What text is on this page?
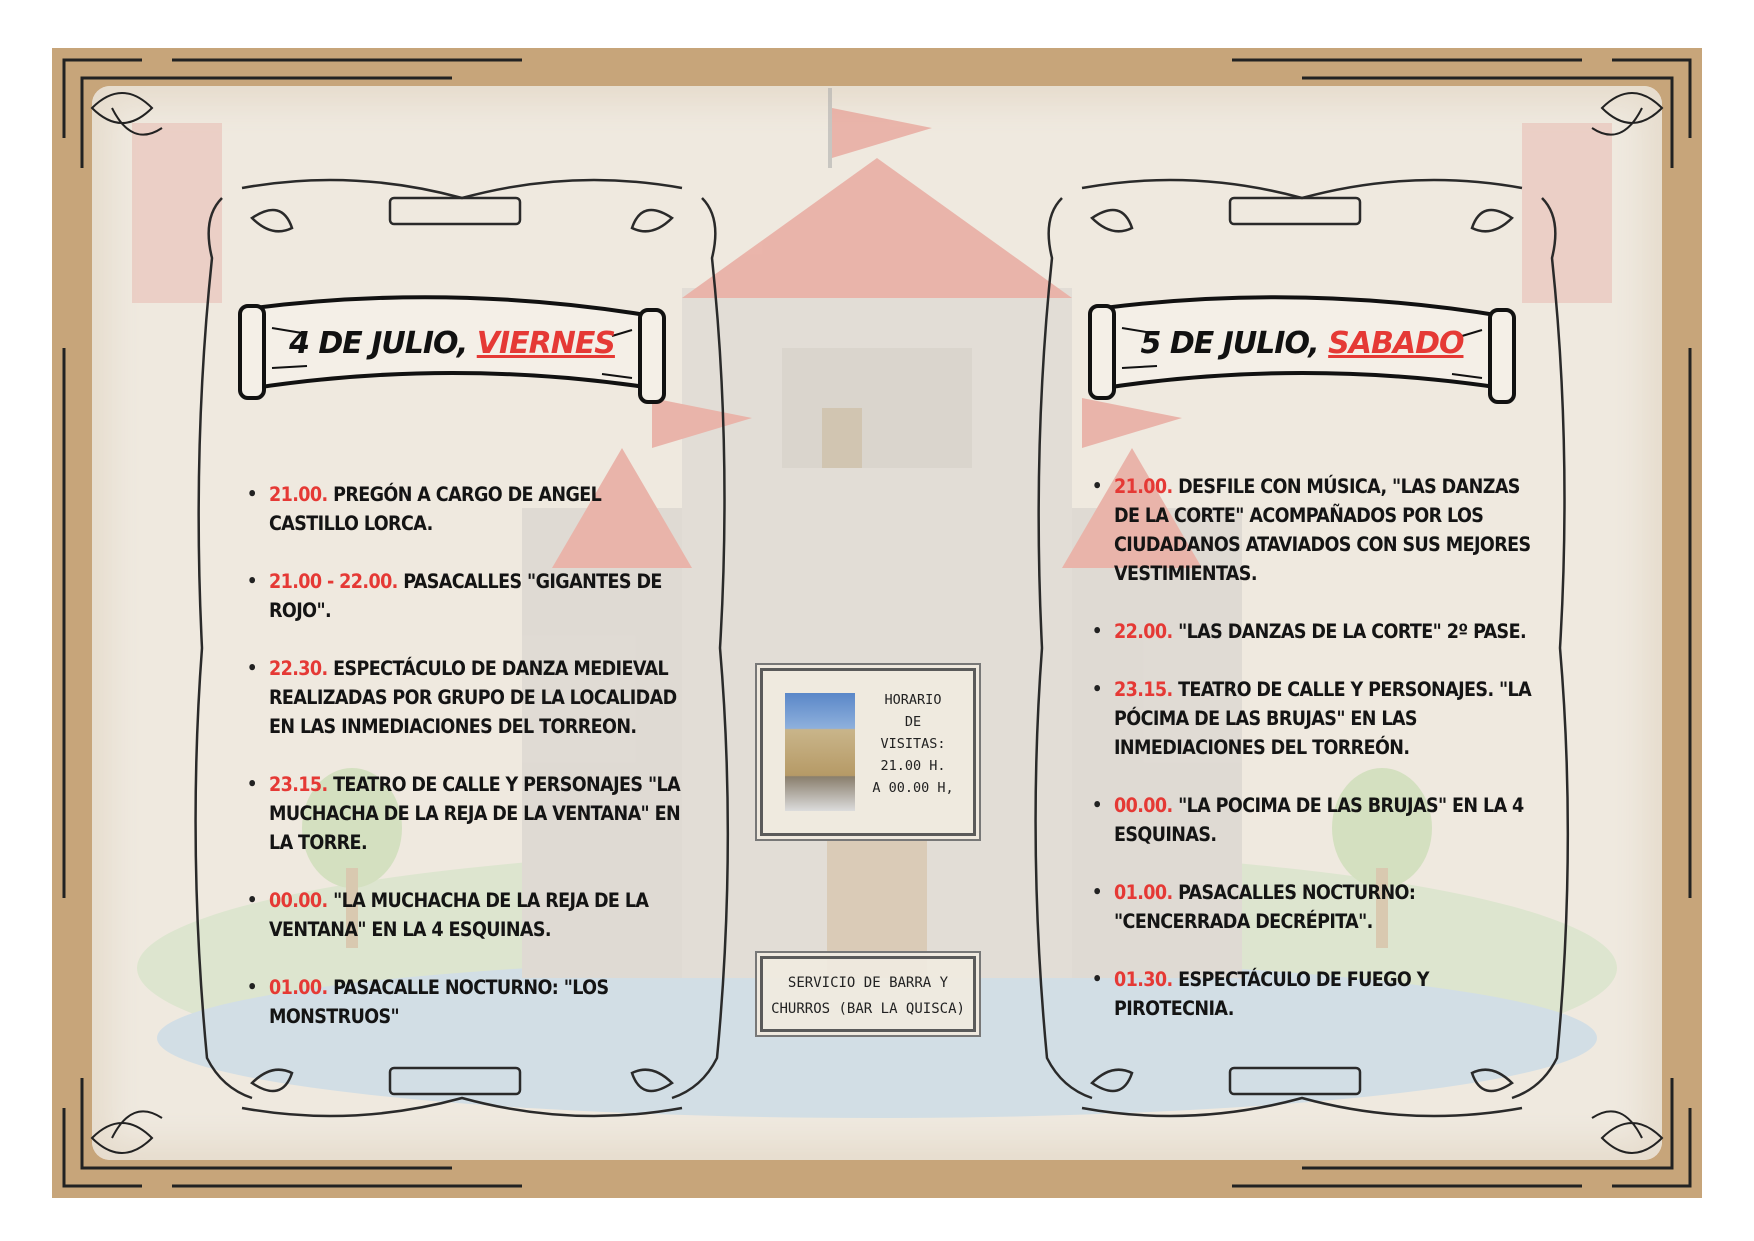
4 DE JULIO, VIERNES	5 DE JULIO, SABADO
• 21.00. PREGÓN A CARGO DE ANGEL CASTILLO LORCA.
• 21.00 - 22.00. PASACALLES "GIGANTES DE ROJO".
• 22.30. ESPECTÁCULO DE DANZA MEDIEVAL REALIZADAS POR GRUPO DE LA LOCALIDAD EN LAS INMEDIACIONES DEL TORREON.
• 23.15. TEATRO DE CALLE Y PERSONAJES "LA MUCHACHA DE LA REJA DE LA VENTANA" EN LA TORRE.
• 00.00. "LA MUCHACHA DE LA REJA DE LA VENTANA" EN LA 4 ESQUINAS.
• 01.00. PASACALLE NOCTURNO: "LOS MONSTRUOS"
• 21.00. DESFILE CON MÚSICA, "LAS DANZAS DE LA CORTE" ACOMPAÑADOS POR LOS CIUDADANOS ATAVIADOS CON SUS MEJORES VESTIMIENTAS.
• 22.00. "LAS DANZAS DE LA CORTE" 2º PASE.
• 23.15. TEATRO DE CALLE Y PERSONAJES. "LA PÓCIMA DE LAS BRUJAS" EN LAS INMEDIACIONES DEL TORREÓN.
• 00.00. "LA POCIMA DE LAS BRUJAS" EN LA 4 ESQUINAS.
• 01.00. PASACALLES NOCTURNO: "CENCERRADA DECRÉPITA".
• 01.30. ESPECTÁCULO DE FUEGO Y PIROTECNIA.
HORARIO
DE
VISITAS:
21.00 H.
A 00.00 H,
SERVICIO DE BARRA Y
CHURROS (BAR LA QUISCA)
